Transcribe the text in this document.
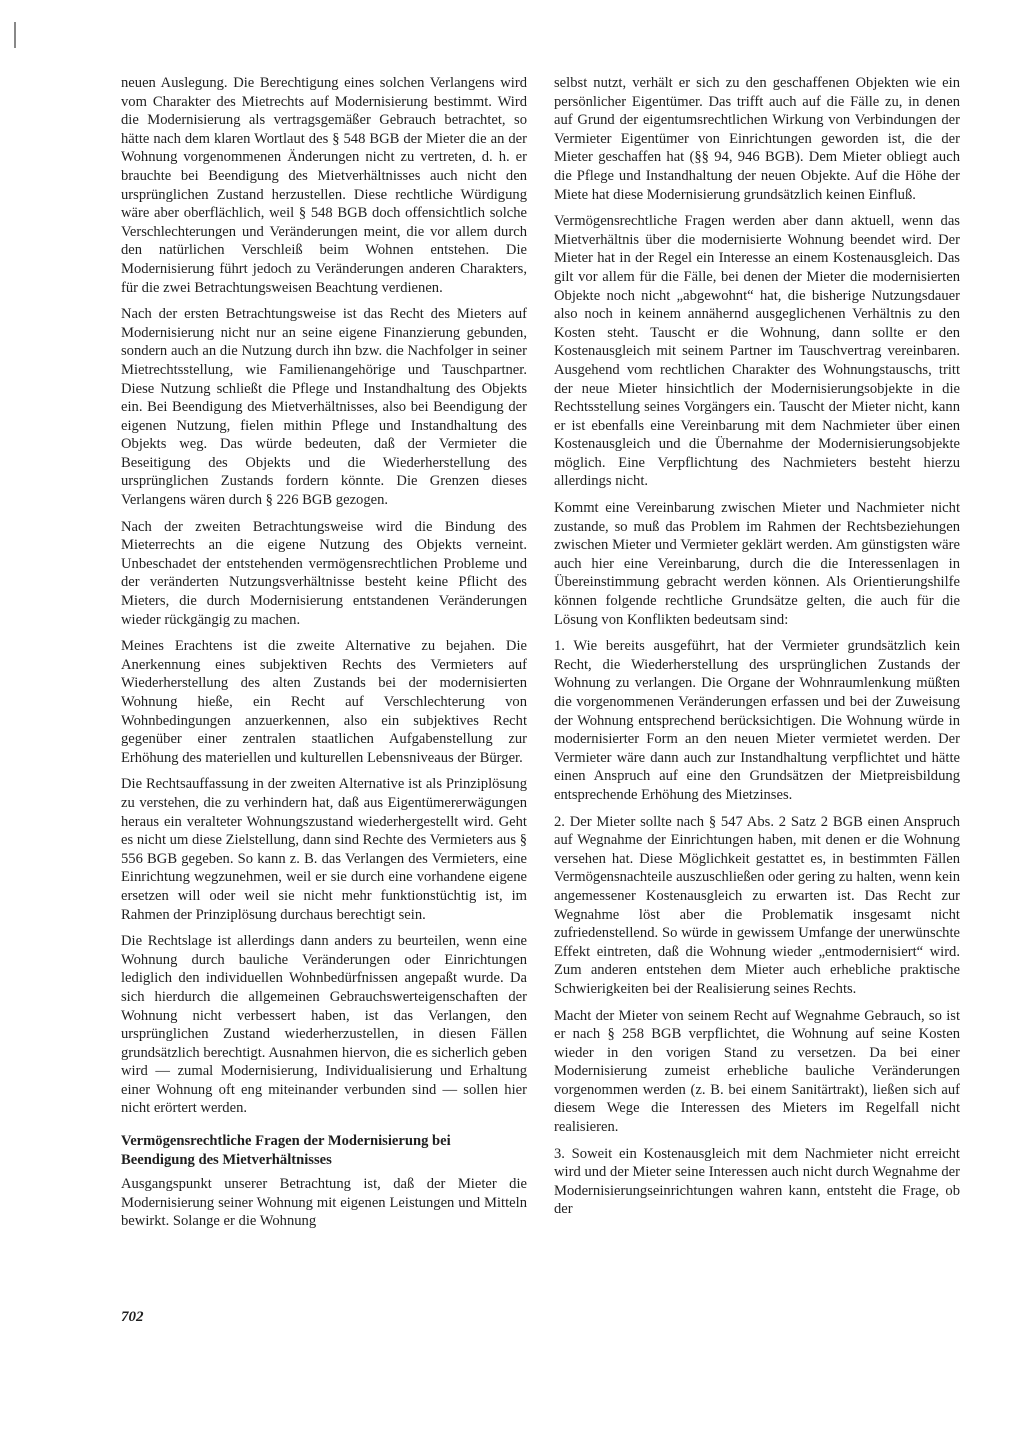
neuen Auslegung. Die Berechtigung eines solchen Verlangens wird vom Charakter des Mietrechts auf Modernisierung bestimmt. Wird die Modernisierung als vertragsgemäßer Gebrauch betrachtet, so hätte nach dem klaren Wortlaut des § 548 BGB der Mieter die an der Wohnung vorgenommenen Änderungen nicht zu vertreten, d. h. er brauchte bei Beendigung des Mietverhältnisses auch nicht den ursprünglichen Zustand herzustellen. Diese rechtliche Würdigung wäre aber oberflächlich, weil § 548 BGB doch offensichtlich solche Verschlechterungen und Veränderungen meint, die vor allem durch den natürlichen Verschleiß beim Wohnen entstehen. Die Modernisierung führt jedoch zu Veränderungen anderen Charakters, für die zwei Betrachtungsweisen Beachtung verdienen.

Nach der ersten Betrachtungsweise ist das Recht des Mieters auf Modernisierung nicht nur an seine eigene Finanzierung gebunden, sondern auch an die Nutzung durch ihn bzw. die Nachfolger in seiner Mietrechtsstellung, wie Familienangehörige und Tauschpartner. Diese Nutzung schließt die Pflege und Instandhaltung des Objekts ein. Bei Beendigung des Mietverhältnisses, also bei Beendigung der eigenen Nutzung, fielen mithin Pflege und Instandhaltung des Objekts weg. Das würde bedeuten, daß der Vermieter die Beseitigung des Objekts und die Wiederherstellung des ursprünglichen Zustands fordern könnte. Die Grenzen dieses Verlangens wären durch § 226 BGB gezogen.

Nach der zweiten Betrachtungsweise wird die Bindung des Mieterrechts an die eigene Nutzung des Objekts verneint. Unbeschadet der entstehenden vermögensrechtlichen Probleme und der veränderten Nutzungsverhältnisse besteht keine Pflicht des Mieters, die durch Modernisierung entstandenen Veränderungen wieder rückgängig zu machen.

Meines Erachtens ist die zweite Alternative zu bejahen. Die Anerkennung eines subjektiven Rechts des Vermieters auf Wiederherstellung des alten Zustands bei der modernisierten Wohnung hieße, ein Recht auf Verschlechterung von Wohnbedingungen anzuerkennen, also ein subjektives Recht gegenüber einer zentralen staatlichen Aufgabenstellung zur Erhöhung des materiellen und kulturellen Lebensniveaus der Bürger.

Die Rechtsauffassung in der zweiten Alternative ist als Prinziplösung zu verstehen, die zu verhindern hat, daß aus Eigentümererwägungen heraus ein veralteter Wohnungszustand wiederhergestellt wird. Geht es nicht um diese Zielstellung, dann sind Rechte des Vermieters aus § 556 BGB gegeben. So kann z. B. das Verlangen des Vermieters, eine Einrichtung wegzunehmen, weil er sie durch eine vorhandene eigene ersetzen will oder weil sie nicht mehr funktionstüchtig ist, im Rahmen der Prinziplösung durchaus berechtigt sein.

Die Rechtslage ist allerdings dann anders zu beurteilen, wenn eine Wohnung durch bauliche Veränderungen oder Einrichtungen lediglich den individuellen Wohnbedürfnissen angepaßt wurde. Da sich hierdurch die allgemeinen Gebrauchswerteigenschaften der Wohnung nicht verbessert haben, ist das Verlangen, den ursprünglichen Zustand wiederherzustellen, in diesen Fällen grundsätzlich berechtigt. Ausnahmen hiervon, die es sicherlich geben wird — zumal Modernisierung, Individualisierung und Erhaltung einer Wohnung oft eng miteinander verbunden sind — sollen hier nicht erörtert werden.

Vermögensrechtliche Fragen der Modernisierung bei Beendigung des Mietverhältnisses

Ausgangspunkt unserer Betrachtung ist, daß der Mieter die Modernisierung seiner Wohnung mit eigenen Leistungen und Mitteln bewirkt. Solange er die Wohnung

selbst nutzt, verhält er sich zu den geschaffenen Objekten wie ein persönlicher Eigentümer. Das trifft auch auf die Fälle zu, in denen auf Grund der eigentumsrechtlichen Wirkung von Verbindungen der Vermieter Eigentümer von Einrichtungen geworden ist, die der Mieter geschaffen hat (§§ 94, 946 BGB). Dem Mieter obliegt auch die Pflege und Instandhaltung der neuen Objekte. Auf die Höhe der Miete hat diese Modernisierung grundsätzlich keinen Einfluß.

Vermögensrechtliche Fragen werden aber dann aktuell, wenn das Mietverhältnis über die modernisierte Wohnung beendet wird. Der Mieter hat in der Regel ein Interesse an einem Kostenausgleich. Das gilt vor allem für die Fälle, bei denen der Mieter die modernisierten Objekte noch nicht „abgewohnt“ hat, die bisherige Nutzungsdauer also noch in keinem annähernd ausgeglichenen Verhältnis zu den Kosten steht. Tauscht er die Wohnung, dann sollte er den Kostenausgleich mit seinem Partner im Tauschvertrag vereinbaren. Ausgehend vom rechtlichen Charakter des Wohnungstauschs, tritt der neue Mieter hinsichtlich der Modernisierungsobjekte in die Rechtsstellung seines Vorgängers ein. Tauscht der Mieter nicht, kann er ist ebenfalls eine Vereinbarung mit dem Nachmieter über einen Kostenausgleich und die Übernahme der Modernisierungsobjekte möglich. Eine Verpflichtung des Nachmieters besteht hierzu allerdings nicht.

Kommt eine Vereinbarung zwischen Mieter und Nachmieter nicht zustande, so muß das Problem im Rahmen der Rechtsbeziehungen zwischen Mieter und Vermieter geklärt werden. Am günstigsten wäre auch hier eine Vereinbarung, durch die die Interessenlagen in Übereinstimmung gebracht werden können. Als Orientierungshilfe können folgende rechtliche Grundsätze gelten, die auch für die Lösung von Konflikten bedeutsam sind:

1. Wie bereits ausgeführt, hat der Vermieter grundsätzlich kein Recht, die Wiederherstellung des ursprünglichen Zustands der Wohnung zu verlangen. Die Organe der Wohnraumlenkung müßten die vorgenommenen Veränderungen erfassen und bei der Zuweisung der Wohnung entsprechend berücksichtigen. Die Wohnung würde in modernisierter Form an den neuen Mieter vermietet werden. Der Vermieter wäre dann auch zur Instandhaltung verpflichtet und hätte einen Anspruch auf eine den Grundsätzen der Mietpreisbildung entsprechende Erhöhung des Mietzinses.

2. Der Mieter sollte nach § 547 Abs. 2 Satz 2 BGB einen Anspruch auf Wegnahme der Einrichtungen haben, mit denen er die Wohnung versehen hat. Diese Möglichkeit gestattet es, in bestimmten Fällen Vermögensnachteile auszuschließen oder gering zu halten, wenn kein angemessener Kostenausgleich zu erwarten ist. Das Recht zur Wegnahme löst aber die Problematik insgesamt nicht zufriedenstellend. So würde in gewissem Umfange der unerwünschte Effekt eintreten, daß die Wohnung wieder „entmodernisiert“ wird. Zum anderen entstehen dem Mieter auch erhebliche praktische Schwierigkeiten bei der Realisierung seines Rechts.

Macht der Mieter von seinem Recht auf Wegnahme Gebrauch, so ist er nach § 258 BGB verpflichtet, die Wohnung auf seine Kosten wieder in den vorigen Stand zu versetzen. Da bei einer Modernisierung zumeist erhebliche bauliche Veränderungen vorgenommen werden (z. B. bei einem Sanitärtrakt), ließen sich auf diesem Wege die Interessen des Mieters im Regelfall nicht realisieren.

3. Soweit ein Kostenausgleich mit dem Nachmieter nicht erreicht wird und der Mieter seine Interessen auch nicht durch Wegnahme der Modernisierungseinrichtungen wahren kann, entsteht die Frage, ob der

702
